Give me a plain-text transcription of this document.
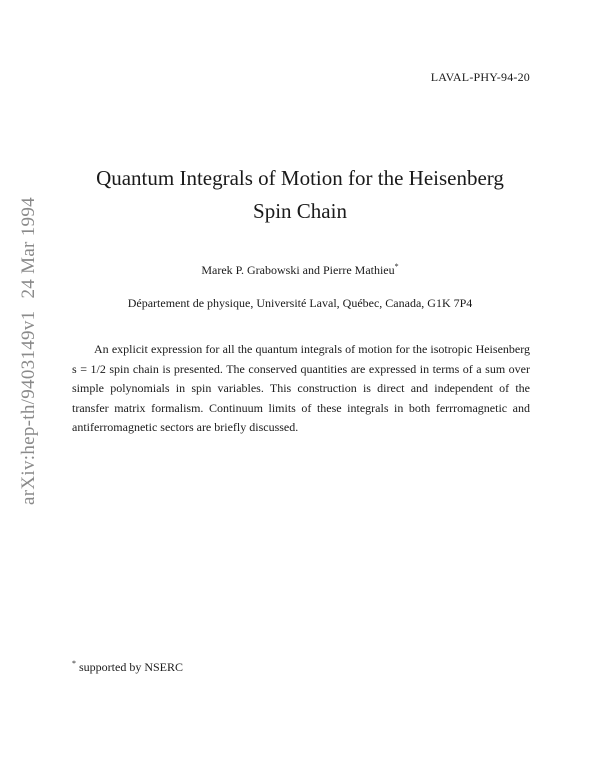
LAVAL-PHY-94-20
arXiv:hep-th/9403149v124 Mar 1994
Quantum Integrals of Motion for the Heisenberg
Spin Chain
Marek P. Grabowski and Pierre Mathieu*
Département de physique, Université Laval, Québec, Canada, G1K 7P4

An explicit expression for all the quantum integrals of motion for the isotropic Heisenberg s = 1/2 spin chain is presented. The conserved quantities are expressed in terms of a sum over simple polynomials in spin variables. This construction is direct and independent of the transfer matrix formalism. Continuum limits of these integrals in both ferrromagnetic and antiferromagnetic sectors are briefly discussed.

* supported by NSERC
